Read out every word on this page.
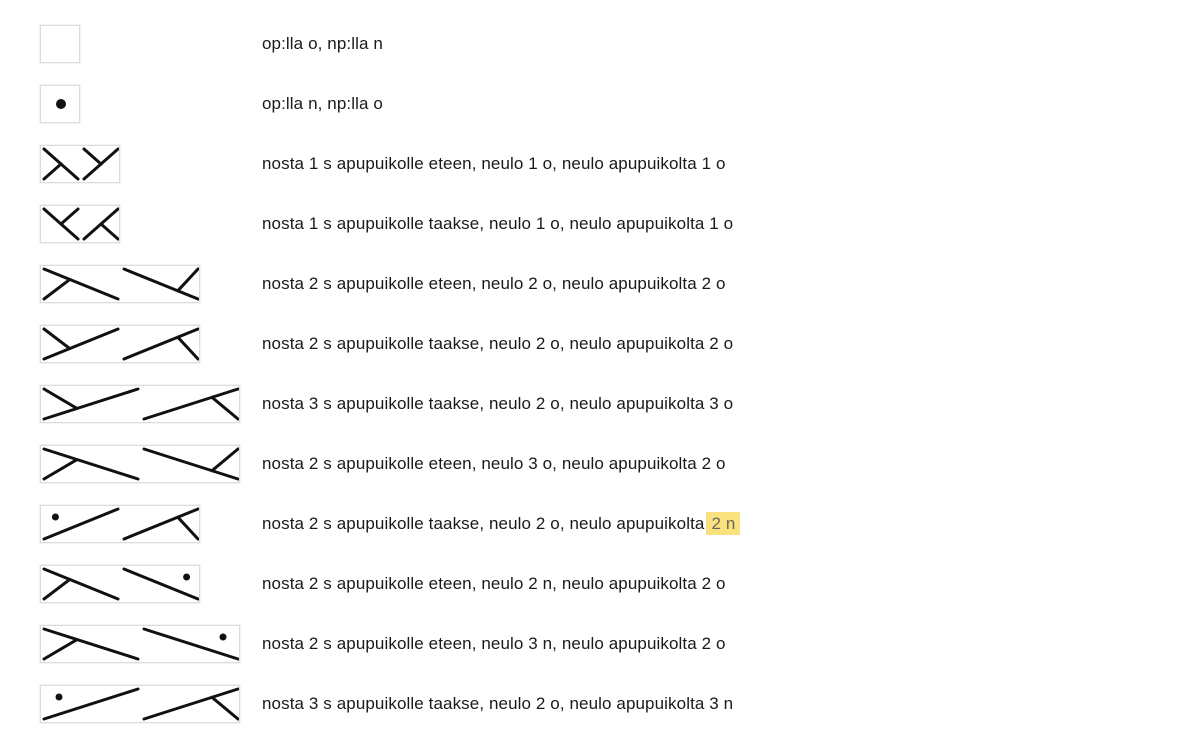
op:lla o, np:lla n
op:lla n, np:lla o
nosta 1 s apupuikolle eteen, neulo 1 o, neulo apupuikolta 1 o
nosta 1 s apupuikolle taakse, neulo 1 o, neulo apupuikolta 1 o
nosta 2 s apupuikolle eteen, neulo 2 o, neulo apupuikolta 2 o
nosta 2 s apupuikolle taakse, neulo 2 o, neulo apupuikolta 2 o
nosta 3 s apupuikolle taakse, neulo 2 o, neulo apupuikolta 3 o
nosta 2 s apupuikolle eteen, neulo 3 o, neulo apupuikolta 2 o
nosta 2 s apupuikolle taakse, neulo 2 o, neulo apupuikolta 2 n
nosta 2 s apupuikolle eteen, neulo 2 n, neulo apupuikolta 2 o
nosta 2 s apupuikolle eteen, neulo 3 n, neulo apupuikolta 2 o
nosta 3 s apupuikolle taakse, neulo 2 o, neulo apupuikolta 3 n
